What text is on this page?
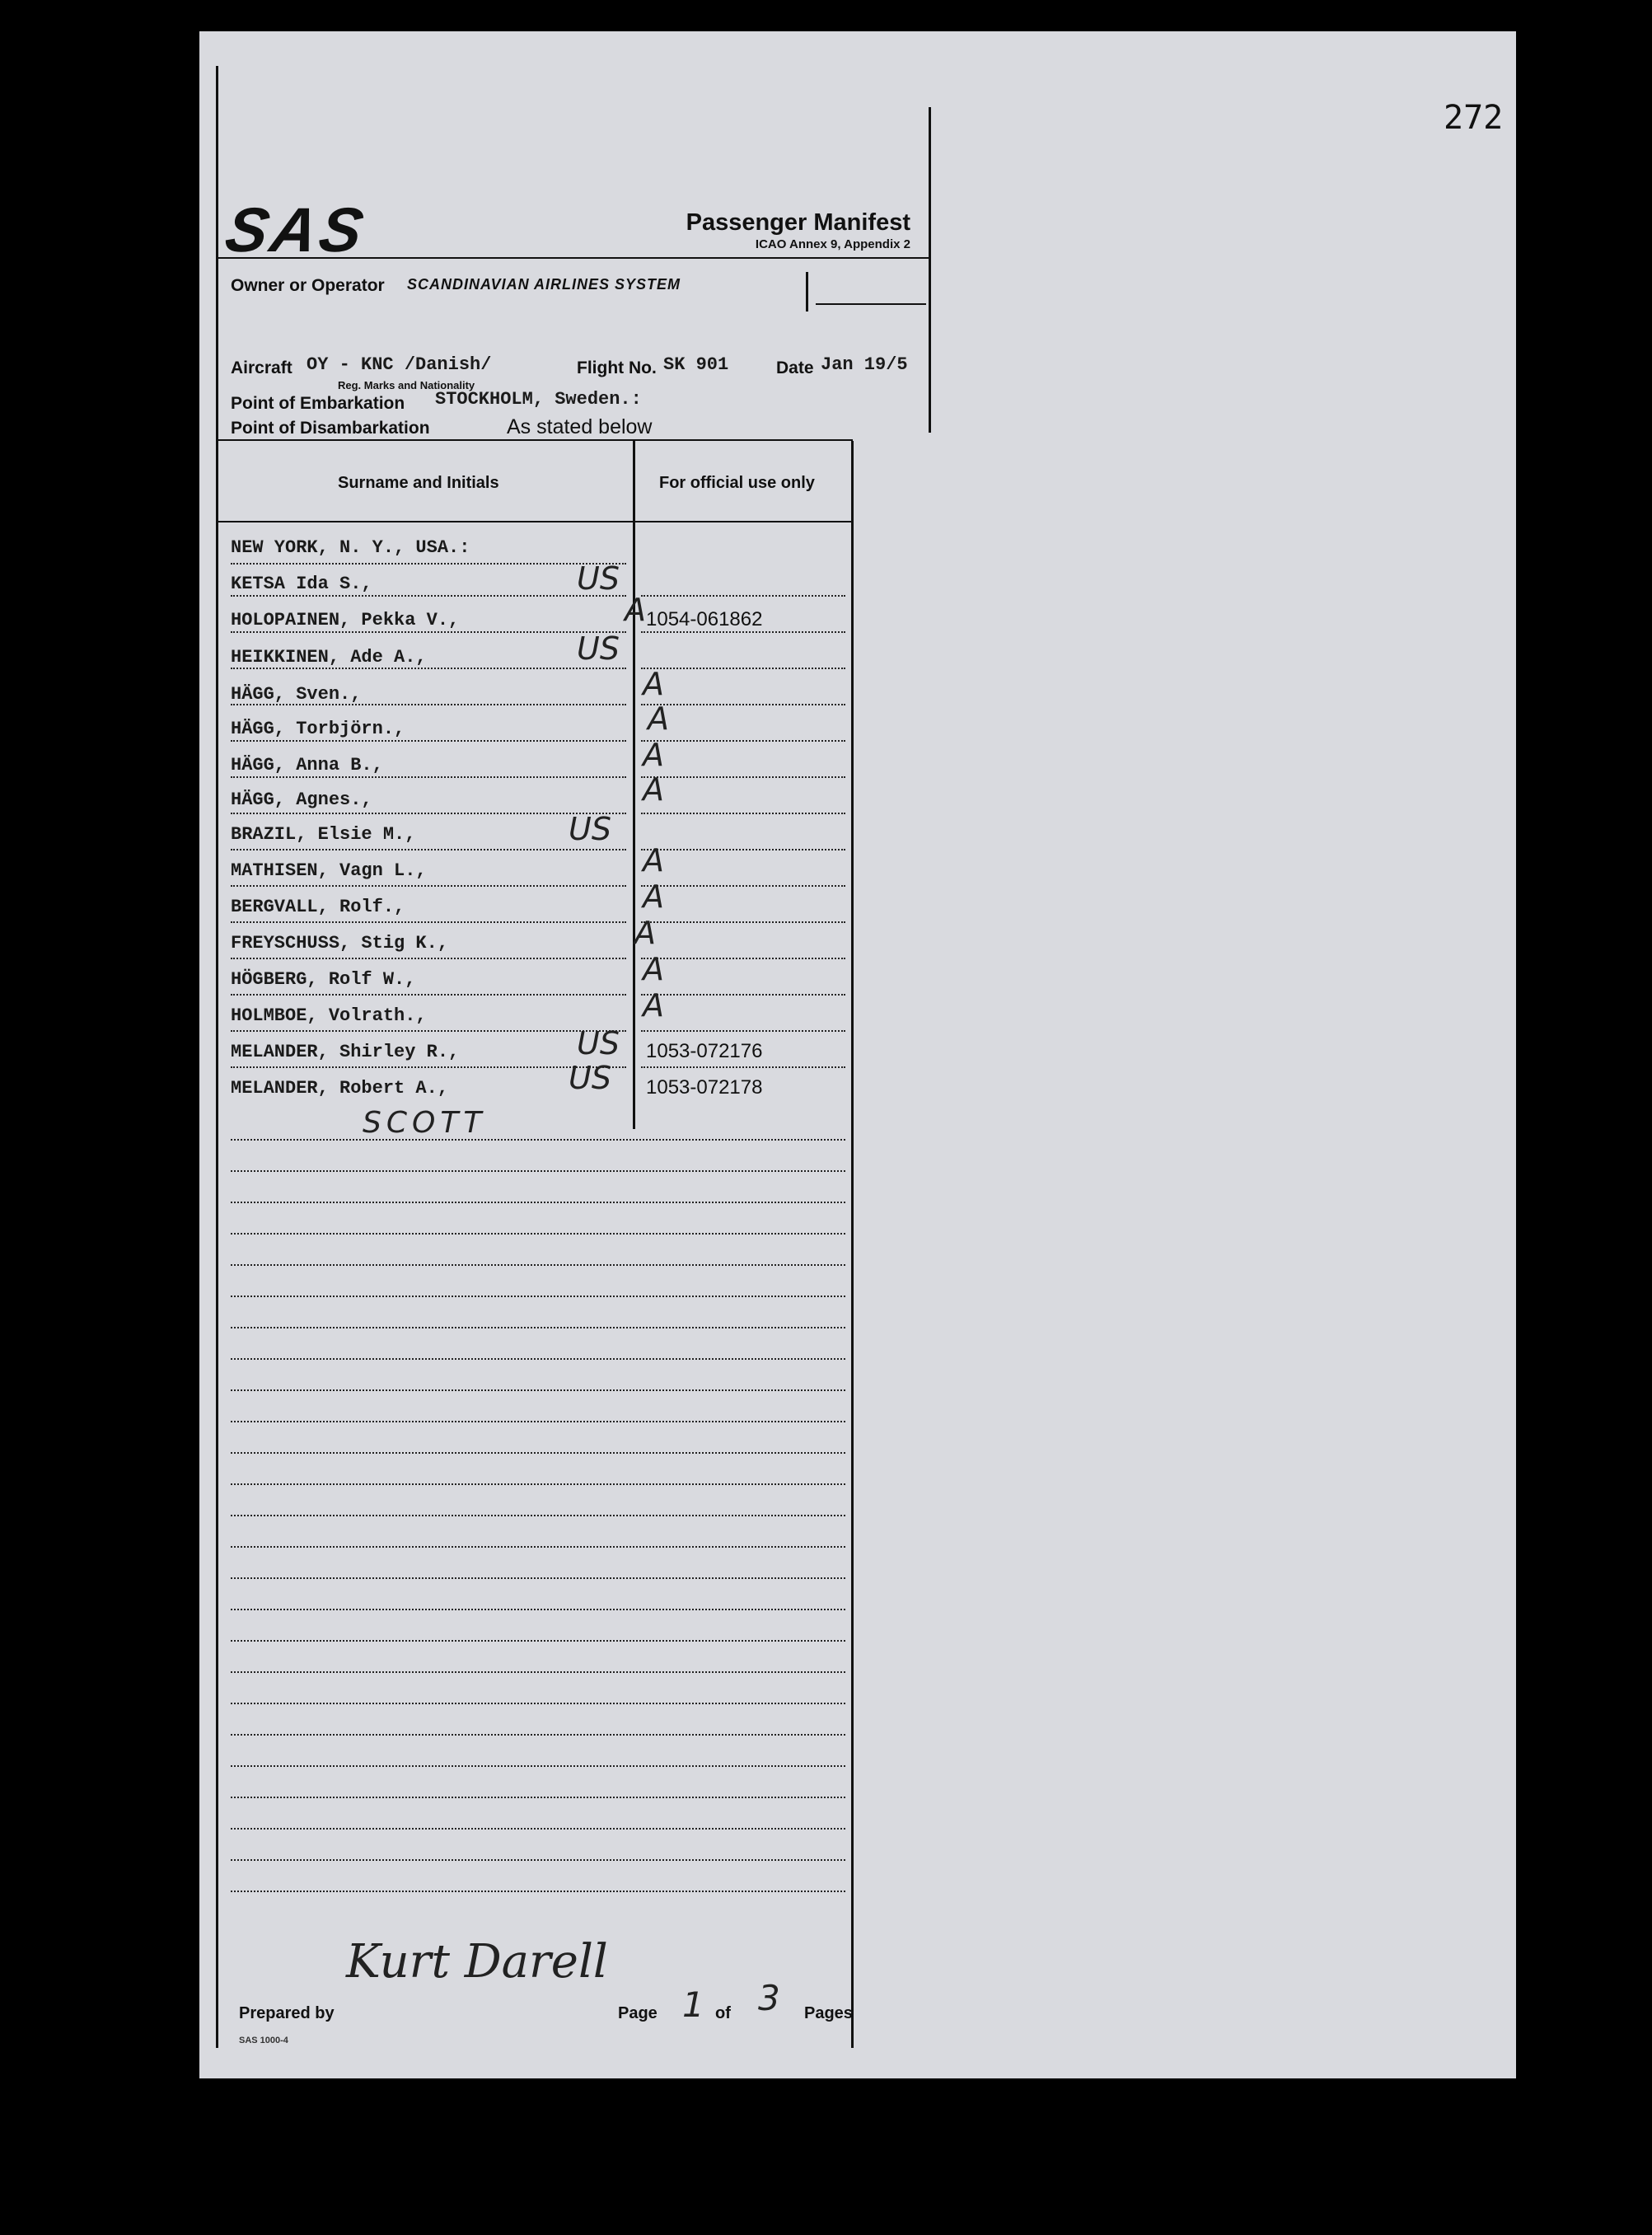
272
SAS	Passenger Manifest
ICAO Annex 9, Appendix 2
Owner or Operator SCANDINAVIAN AIRLINES SYSTEM
Aircraft OY - KNC /Danish/	Flight No. SK 901	Date Jan 19/5
Reg. Marks and Nationality
Point of Embarkation STOCKHOLM, Sweden.:
Point of Disambarkation	As stated below
Surname and Initials	For official use only
NEW YORK, N. Y., USA.:
KETSA Ida S.,	US
HOLOPAINEN, Pekka V.,	A 1054-061862
HEIKKINEN, Ade A.,	US
HÄGG, Sven.,	A
HÄGG, Torbjörn.,	A
HÄGG, Anna B.,	A
HÄGG, Agnes.,	A
BRAZIL, Elsie M.,	US
MATHISEN, Vagn L.,	A
BERGVALL, Rolf.,	A
FREYSCHUSS, Stig K.,	A
HÖGBERG, Rolf W.,	A
HOLMBOE, Volrath.,	A
MELANDER, Shirley R.,	US 1053-072176
MELANDER, Robert A.,	US 1053-072178
SCOTT
Prepared by
Kurt Darell
Page 1 of 3 Pages
SAS 1000-4
